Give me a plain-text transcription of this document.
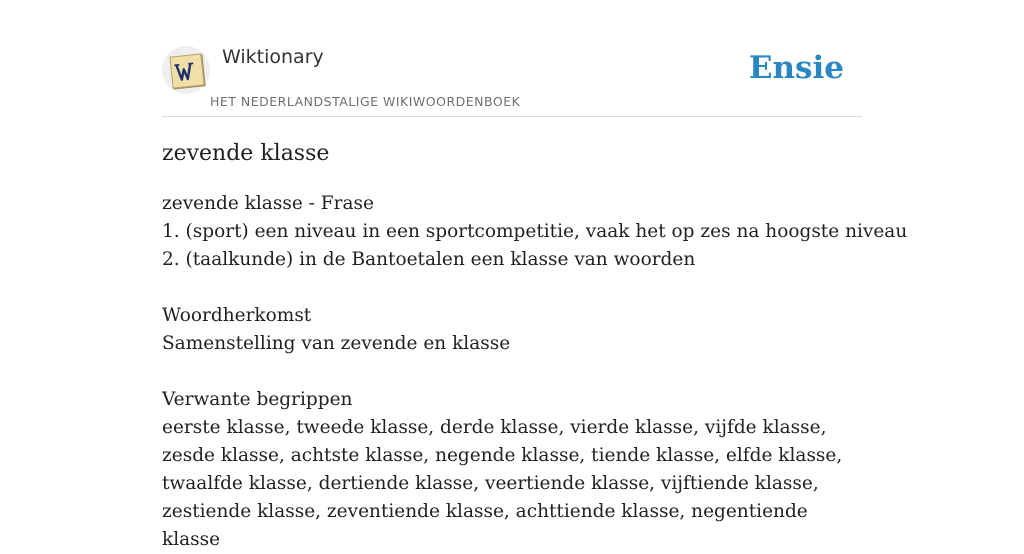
Wiktionary
HET NEDERLANDSTALIGE WIKIWOORDENBOEK
Ensie
zevende klasse
zevende klasse - Frase
1. (sport) een niveau in een sportcompetitie, vaak het op zes na hoogste niveau
2. (taalkunde) in de Bantoetalen een klasse van woorden
Woordherkomst
Samenstelling van zevende en klasse
Verwante begrippen
eerste klasse, tweede klasse, derde klasse, vierde klasse, vijfde klasse, zesde klasse, achtste klasse, negende klasse, tiende klasse, elfde klasse, twaalfde klasse, dertiende klasse, veertiende klasse, vijftiende klasse, zestiende klasse, zeventiende klasse, achttiende klasse, negentiende klasse
